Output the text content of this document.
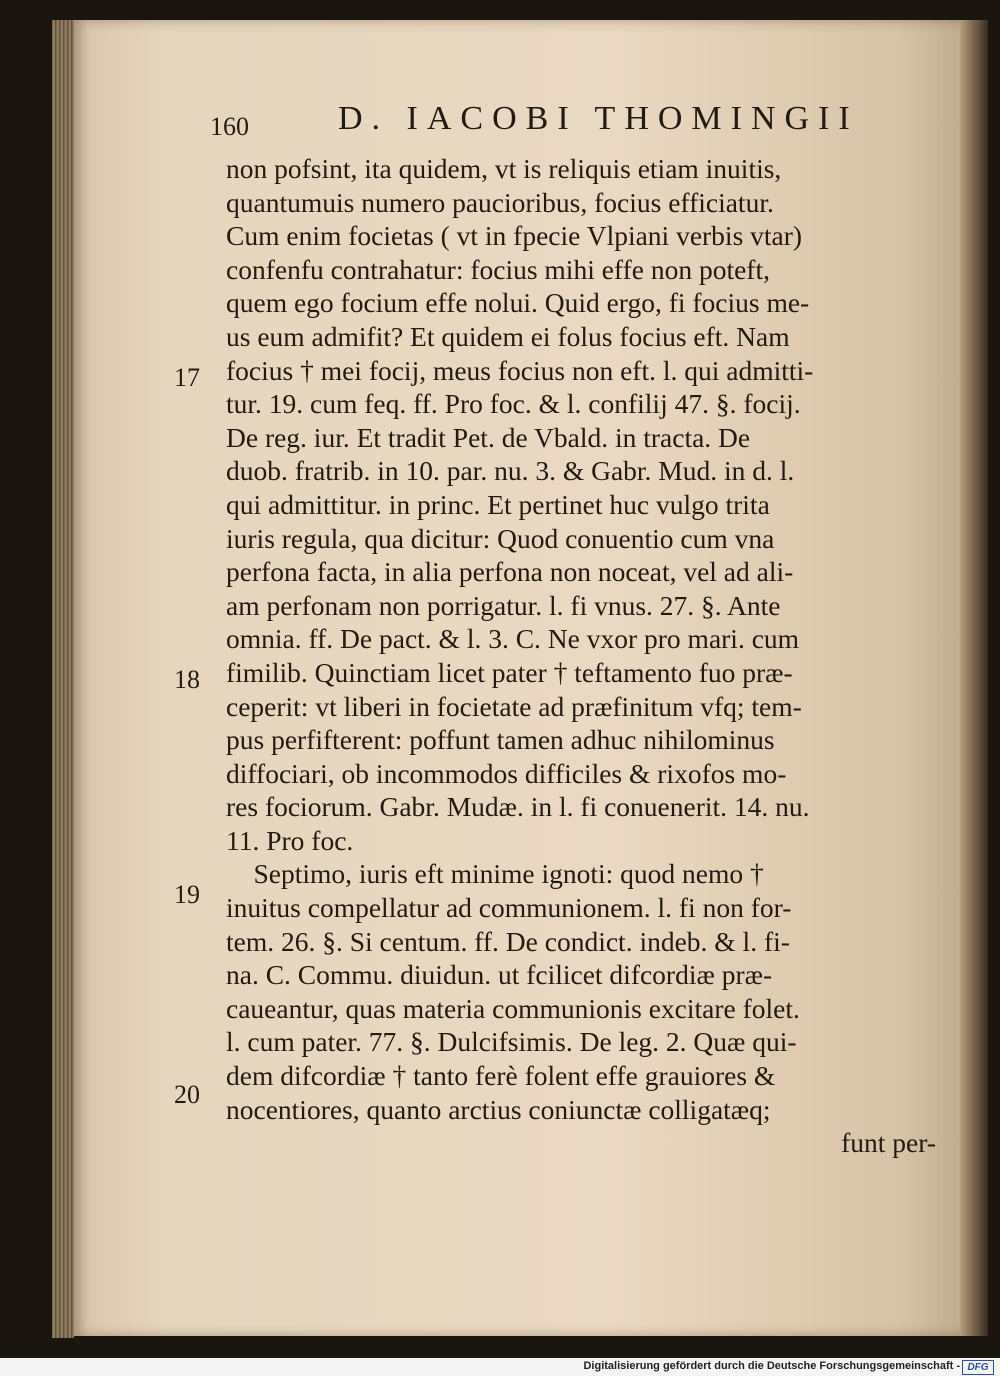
160	D. IACOBI THOMINGII
non pofsint, ita quidem, vt is reliquis etiam inuitis,
quantumuis numero paucioribus, focius efficiatur.
Cum enim focietas ( vt in fpecie Vlpiani verbis vtar)
confenfu contrahatur: focius mihi effe non poteft,
quem ego focium effe nolui. Quid ergo, fi focius me-
us eum admifit? Et quidem ei folus focius eft. Nam
focius † mei focij, meus focius non eft. l. qui admitti-
tur. 19. cum feq. ff. Pro foc. & l. confilij 47. §. focij.
De reg. iur. Et tradit Pet. de Vbald. in tracta. De
duob. fratrib. in 10. par. nu. 3. & Gabr. Mud. in d. l.
qui admittitur. in princ. Et pertinet huc vulgo trita
iuris regula, qua dicitur: Quod conuentio cum vna
perfona facta, in alia perfona non noceat, vel ad ali-
am perfonam non porrigatur. l. fi vnus. 27. §. Ante
omnia. ff. De pact. & l. 3. C. Ne vxor pro mari. cum
fimilib. Quinctiam licet pater † teftamento fuo præ-
ceperit: vt liberi in focietate ad præfinitum vfq; tem-
pus perfifterent: poffunt tamen adhuc nihilominus
diffociari, ob incommodos difficiles & rixofos mo-
res fociorum. Gabr. Mudæ. in l. fi conuenerit. 14. nu.
11. Pro foc.
Septimo, iuris eft minime ignoti: quod nemo †
inuitus compellatur ad communionem. l. fi non for-
tem. 26. §. Si centum. ff. De condict. indeb. & l. fi-
na. C. Commu. diuidun. ut fcilicet difcordiæ præ-
caueantur, quas materia communionis excitare folet.
l. cum pater. 77. §. Dulcifsimis. De leg. 2. Quæ qui-
dem difcordiæ † tanto ferè folent effe grauiores &
nocentiores, quanto arctius coniunctæ colligatæq;
funt per-
17
18
19
20
Digitalisierung gefördert durch die Deutsche Forschungsgemeinschaft - DFG
